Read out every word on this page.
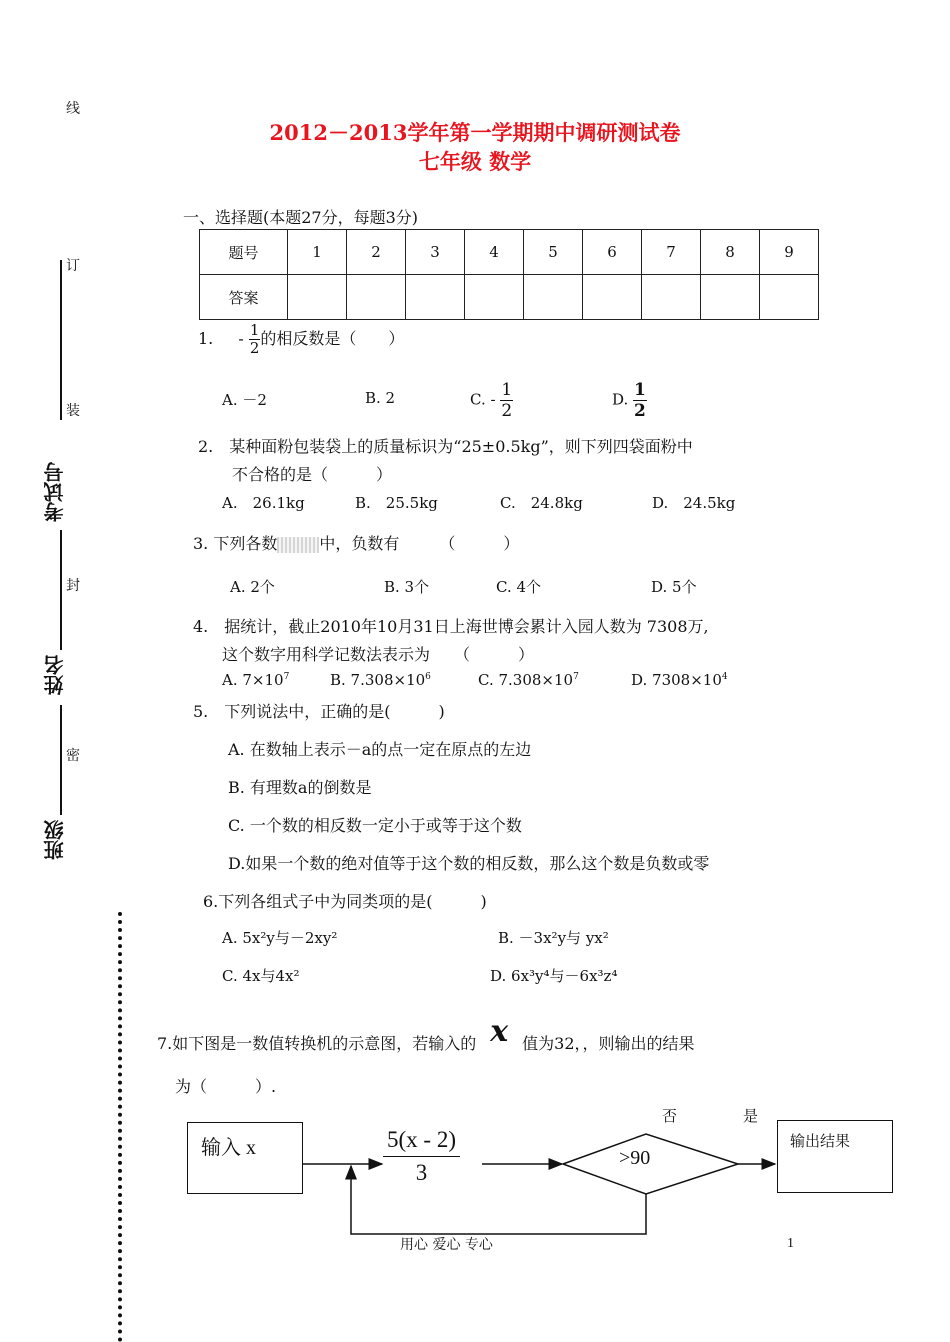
线
订
装
封
密
考试号
姓名
班级
2012－2013学年第一学期期中调研测试卷
七年级 数学
一、选择题(本题27分，每题3分)
题号	1	2	3	4	5	6	7	8	9
答案									
1. - $\frac{1}{2}$ 的相反数是（　　）
A. －2	B. 2	C. - $\frac{1}{2}$	D. $\frac{1}{2}$
2.　某种面粉包装袋上的质量标识为“25±0.5kg”，则下列四袋面粉中
不合格的是（　　　）
A.　26.1kg	B.　25.5kg	C.　24.8kg	D.　24.5kg
3. 下列各数	中，负数有　　　（　　　）
A. 2个	B. 3个	C. 4个	D. 5个
4.　据统计，截止2010年10月31日上海世博会累计入园人数为 7308万,
这个数字用科学记数法表示为　　（　　　）
A. $7\times 10^7$	B. $7.308\times 10^6$	C. $7.308\times 10^7$	D. $7308\times 10^4$
5.　下列说法中，正确的是(　　　)
A. 在数轴上表示－a的点一定在原点的左边
B. 有理数a的倒数是
C. 一个数的相反数一定小于或等于这个数
D.如果一个数的绝对值等于这个数的相反数，那么这个数是负数或零
6.下列各组式子中为同类项的是(　　　)
A. 5x²y与－2xy²	B. －3x²y与 yx²
C. 4x与4x²	D. 6x³y⁴与－6x³z⁴
7.如下图是一数值转换机的示意图，若输入的 x 值为32，，则输出的结果
为（　　　）.
输入 x	$\frac{5(x - 2)}{3}$	>90
否	是
输出结果
用心 爱心 专心	1
